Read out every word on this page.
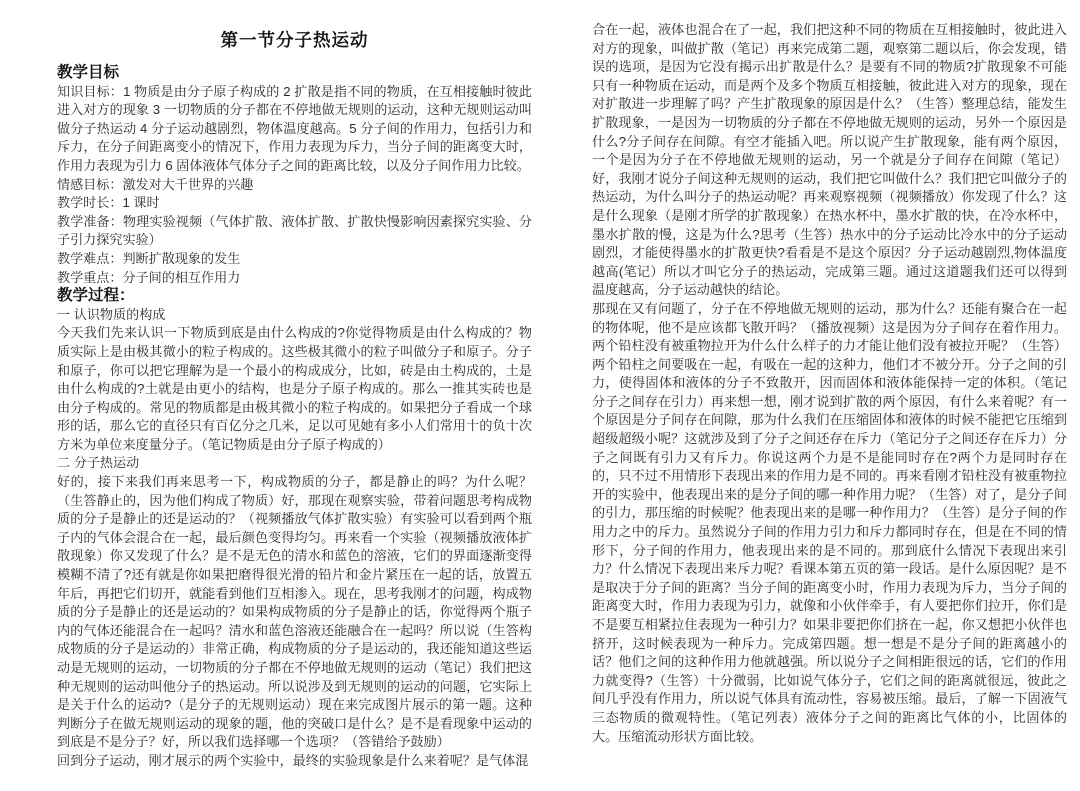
第一节分子热运动
教学目标
知识目标：1 物质是由分子原子构成的 2 扩散是指不同的物质，在互相接触时彼此进入对方的现象 3 一切物质的分子都在不停地做无规则的运动，这种无规则运动叫做分子热运动 4 分子运动越剧烈，物体温度越高。5 分子间的作用力，包括引力和斥力，在分子间距离变小的情况下，作用力表现为斥力，当分子间的距离变大时，作用力表现为引力 6 固体液体气体分子之间的距离比较，以及分子间作用力比较。
情感目标：激发对大千世界的兴趣
教学时长：1 课时
教学准备：物理实验视频（气体扩散、液体扩散、扩散快慢影响因素探究实验、分子引力探究实验）
教学难点：判断扩散现象的发生
教学重点：分子间的相互作用力
教学过程：
一 认识物质的构成
今天我们先来认识一下物质到底是由什么构成的?你觉得物质是由什么构成的？物质实际上是由极其微小的粒子构成的。这些极其微小的粒子叫做分子和原子。分子和原子，你可以把它理解为是一个最小的构成成分，比如，砖是由土构成的，土是由什么构成的?土就是由更小的结构，也是分子原子构成的。那么一推其实砖也是由分子构成的。常见的物质都是由极其微小的粒子构成的。如果把分子看成一个球形的话，那么它的直径只有百亿分之几米，足以可见她有多小人们常用十的负十次方米为单位来度量分子。（笔记物质是由分子原子构成的）
二 分子热运动
好的，接下来我们再来思考一下，构成物质的分子，都是静止的吗？为什么呢？（生答静止的，因为他们构成了物质）好，那现在观察实验，带着问题思考构成物质的分子是静止的还是运动的？（视频播放气体扩散实验）有实验可以看到两个瓶子内的气体会混合在一起，最后颜色变得均匀。再来看一个实验（视频播放液体扩散现象）你又发现了什么？是不是无色的清水和蓝色的溶液，它们的界面逐渐变得模糊不清了?还有就是你如果把磨得很光滑的铅片和金片紧压在一起的话，放置五年后，再把它们切开，就能看到他们互相渗入。现在，思考我刚才的问题，构成物质的分子是静止的还是运动的？如果构成物质的分子是静止的话，你觉得两个瓶子内的气体还能混合在一起吗？清水和蓝色溶液还能融合在一起吗？所以说（生答构成物质的分子是运动的）非常正确，构成物质的分子是运动的，我还能知道这些运动是无规则的运动，一切物质的分子都在不停地做无规则的运动（笔记）我们把这种无规则的运动叫他分子的热运动。所以说涉及到无规则的运动的问题，它实际上是关于什么的运动?（是分子的无规则运动）现在来完成图片展示的第一题。这种判断分子在做无规则运动的现象的题，他的突破口是什么？是不是看现象中运动的到底是不是分子？好，所以我们选择哪一个选项？（答错给予鼓励）
回到分子运动，刚才展示的两个实验中，最终的实验现象是什么来着呢？是气体混
合在一起，液体也混合在了一起，我们把这种不同的物质在互相接触时，彼此进入对方的现象，叫做扩散（笔记）再来完成第二题，观察第二题以后，你会发现，错误的选项，是因为它没有揭示出扩散是什么？是要有不同的物质?扩散现象不可能只有一种物质在运动，而是两个及多个物质互相接触，彼此进入对方的现象，现在对扩散进一步理解了吗？产生扩散现象的原因是什么？（生答）整理总结，能发生扩散现象，一是因为一切物质的分子都在不停地做无规则的运动，另外一个原因是什么?分子间存在间隙。有空才能插入吧。所以说产生扩散现象，能有两个原因，一个是因为分子在不停地做无规则的运动，另一个就是分子间存在间隙（笔记）好，我刚才说分子间这种无规则的运动，我们把它叫做什么？我们把它叫做分子的热运动，为什么叫分子的热运动呢？再来观察视频（视频播放）你发现了什么？这是什么现象（是刚才所学的扩散现象）在热水杯中，墨水扩散的快，在冷水杯中，墨水扩散的慢，这是为什么?思考（生答）热水中的分子运动比冷水中的分子运动剧烈，才能使得墨水的扩散更快?看看是不是这个原因？分子运动越剧烈,物体温度越高(笔记）所以才叫它分子的热运动，完成第三题。通过这道题我们还可以得到温度越高，分子运动越快的结论。
那现在又有问题了，分子在不停地做无规则的运动，那为什么？还能有聚合在一起的物体呢，他不是应该都飞散开吗？（播放视频）这是因为分子间存在着作用力。两个铅柱没有被重物拉开为什么什么样子的力才能让他们没有被拉开呢？（生答）两个铅柱之间要吸在一起，有吸在一起的这种力，他们才不被分开。分子之间的引力，使得固体和液体的分子不致散开，因而固体和液体能保持一定的体积。（笔记分子之间存在引力）再来想一想，刚才说到扩散的两个原因，有什么来着呢？有一个原因是分子间存在间隙，那为什么我们在压缩固体和液体的时候不能把它压缩到超级超级小呢？这就涉及到了分子之间还存在斥力（笔记分子之间还存在斥力）分子之间既有引力又有斥力。你说这两个力是不是能同时存在?两个力是同时存在的，只不过不用情形下表现出来的作用力是不同的。再来看刚才铅柱没有被重物拉开的实验中，他表现出来的是分子间的哪一种作用力呢？（生答）对了，是分子间的引力，那压缩的时候呢？他表现出来的是哪一种作用力？（生答）是分子间的作用力之中的斥力。虽然说分子间的作用力引力和斥力都同时存在，但是在不同的情形下，分子间的作用力，他表现出来的是不同的。那到底什么情况下表现出来引力？什么情况下表现出来斥力呢？看课本第五页的第一段话。是什么原因呢？是不是取决于分子间的距离？当分子间的距离变小时，作用力表现为斥力，当分子间的距离变大时，作用力表现为引力，就像和小伙伴牵手，有人要把你们拉开，你们是不是要互相紧拉住表现为一种引力？如果非要把你们挤在一起，你又想把小伙伴也挤开，这时候表现为一种斥力。完成第四题。想一想是不是分子间的距离越小的话？他们之间的这种作用力他就越强。所以说分子之间相距很远的话，它们的作用力就变得?（生答）十分微弱，比如说气体分子，它们之间的距离就很远，彼此之间几乎没有作用力，所以说气体具有流动性，容易被压缩。最后，了解一下固液气三态物质的微观特性。（笔记列表）液体分子之间的距离比气体的小，比固体的大。压缩流动形状方面比较。
